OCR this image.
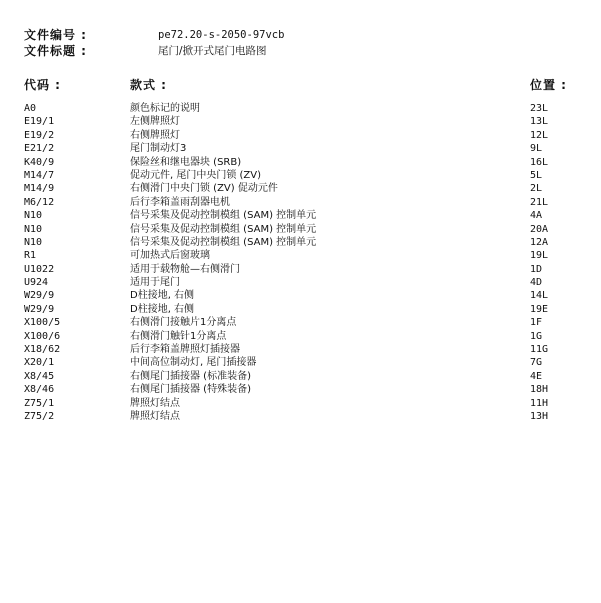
文件编号 :	pe72.20-s-2050-97vcb
文件标题 :	尾门/掀开式尾门电路图
代码 :	款式 :	位置 :
A0	颜色标记的说明	23L
E19/1	左侧牌照灯	13L
E19/2	右侧牌照灯	12L
E21/2	尾门制动灯3	9L
K40/9	保险丝和继电器块 (SRB)	16L
M14/7	促动元件, 尾门中央门锁 (ZV)	5L
M14/9	右侧滑门中央门锁 (ZV) 促动元件	2L
M6/12	后行李箱盖雨刮器电机	21L
N10	信号采集及促动控制模组 (SAM) 控制单元	4A
N10	信号采集及促动控制模组 (SAM) 控制单元	20A
N10	信号采集及促动控制模组 (SAM) 控制单元	12A
R1	可加热式后窗玻璃	19L
U1022	适用于载物舱—右侧滑门	1D
U924	适用于尾门	4D
W29/9	D柱接地, 右侧	14L
W29/9	D柱接地, 右侧	19E
X100/5	右侧滑门接触片1分离点	1F
X100/6	右侧滑门触针1分离点	1G
X18/62	后行李箱盖牌照灯插接器	11G
X20/1	中间高位制动灯, 尾门插接器	7G
X8/45	右侧尾门插接器 (标准装备)	4E
X8/46	右侧尾门插接器 (特殊装备)	18H
Z75/1	牌照灯结点	11H
Z75/2	牌照灯结点	13H
